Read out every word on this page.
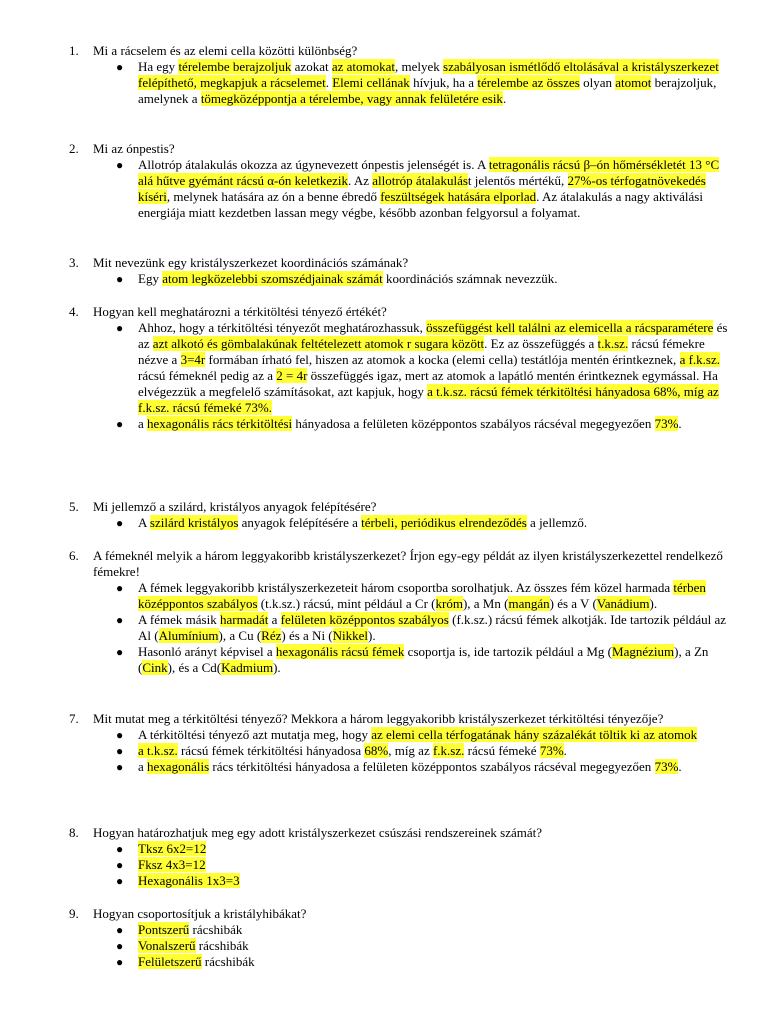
1. Mi a rácselem és az elemi cella közötti különbség?
● Ha egy térelembe berajzoljuk azokat az atomokat, melyek szabályosan ismétlődő eltolásával a kristályszerkezet felépíthető, megkapjuk a rácselemet. Elemi cellának hívjuk, ha a térelembe az összes olyan atomot berajzoljuk, amelynek a tömegközéppontja a térelembe, vagy annak felületére esik.
2. Mi az ónpestis?
● Allotróp átalakulás okozza az úgynevezett ónpestis jelenségét is. A tetragonális rácsú β–ón hőmérsékletét 13 °C alá hűtve gyémánt rácsú α-ón keletkezik. Az allotróp átalakulást jelentős mértékű, 27%-os térfogatnövekedés kíséri, melynek hatására az ón a benne ébredő feszültségek hatására elporlad. Az átalakulás a nagy aktiválási energiája miatt kezdetben lassan megy végbe, később azonban felgyorsul a folyamat.
3. Mit nevezünk egy kristályszerkezet koordinációs számának?
● Egy atom legközelebbi szomszédjainak számát koordinációs számnak nevezzük.
4. Hogyan kell meghatározni a térkitöltési tényező értékét?
● Ahhoz, hogy a térkitöltési tényezőt meghatározhassuk, összefüggést kell találni az elemicella a rácsparamétere és az azt alkotó és gömbalakúnak feltételezett atomok r sugara között. Ez az összefüggés a t.k.sz. rácsú fémekre nézve a 3=4r formában írható fel, hiszen az atomok a kocka (elemi cella) testátlója mentén érintkeznek, a f.k.sz. rácsú fémeknél pedig az a 2 = 4r összefüggés igaz, mert az atomok a lapátló mentén érintkeznek egymással. Ha elvégezzük a megfelelő számításokat, azt kapjuk, hogy a t.k.sz. rácsú fémek térkitöltési hányadosa 68%, míg az f.k.sz. rácsú fémeké 73%.
● a hexagonális rács térkitöltési hányadosa a felületen középpontos szabályos rácséval megegyezően 73%.
5. Mi jellemző a szilárd, kristályos anyagok felépítésére?
● A szilárd kristályos anyagok felépítésére a térbeli, periódikus elrendeződés a jellemző.
6. A fémeknél melyik a három leggyakoribb kristályszerkezet? Írjon egy-egy példát az ilyen kristályszerkezettel rendelkező fémekre!
● A fémek leggyakoribb kristályszerkezeteit három csoportba sorolhatjuk. Az összes fém közel harmada térben középpontos szabályos (t.k.sz.) rácsú, mint például a Cr (króm), a Mn (mangán) és a V (Vanádium).
● A fémek másik harmadát a felületen középpontos szabályos (f.k.sz.) rácsú fémek alkotják. Ide tartozik például az Al (Alumínium), a Cu (Réz) és a Ni (Nikkel).
● Hasonló arányt képvisel a hexagonális rácsú fémek csoportja is, ide tartozik például a Mg (Magnézium), a Zn (Cink), és a Cd(Kadmium).
7. Mit mutat meg a térkitöltési tényező? Mekkora a három leggyakoribb kristályszerkezet térkitöltési tényezője?
● A térkitöltési tényező azt mutatja meg, hogy az elemi cella térfogatának hány százalékát töltik ki az atomok
● a t.k.sz. rácsú fémek térkitöltési hányadosa 68%, míg az f.k.sz. rácsú fémeké 73%.
● a hexagonális rács térkitöltési hányadosa a felületen középpontos szabályos rácséval megegyezően 73%.
8. Hogyan határozhatjuk meg egy adott kristályszerkezet csúszási rendszereinek számát?
● Tksz 6x2=12
● Fksz 4x3=12
● Hexagonális 1x3=3
9. Hogyan csoportosítjuk a kristályhibákat?
● Pontszerű rácshibák
● Vonalszerű rácshibák
● Felületszerű rácshibák
